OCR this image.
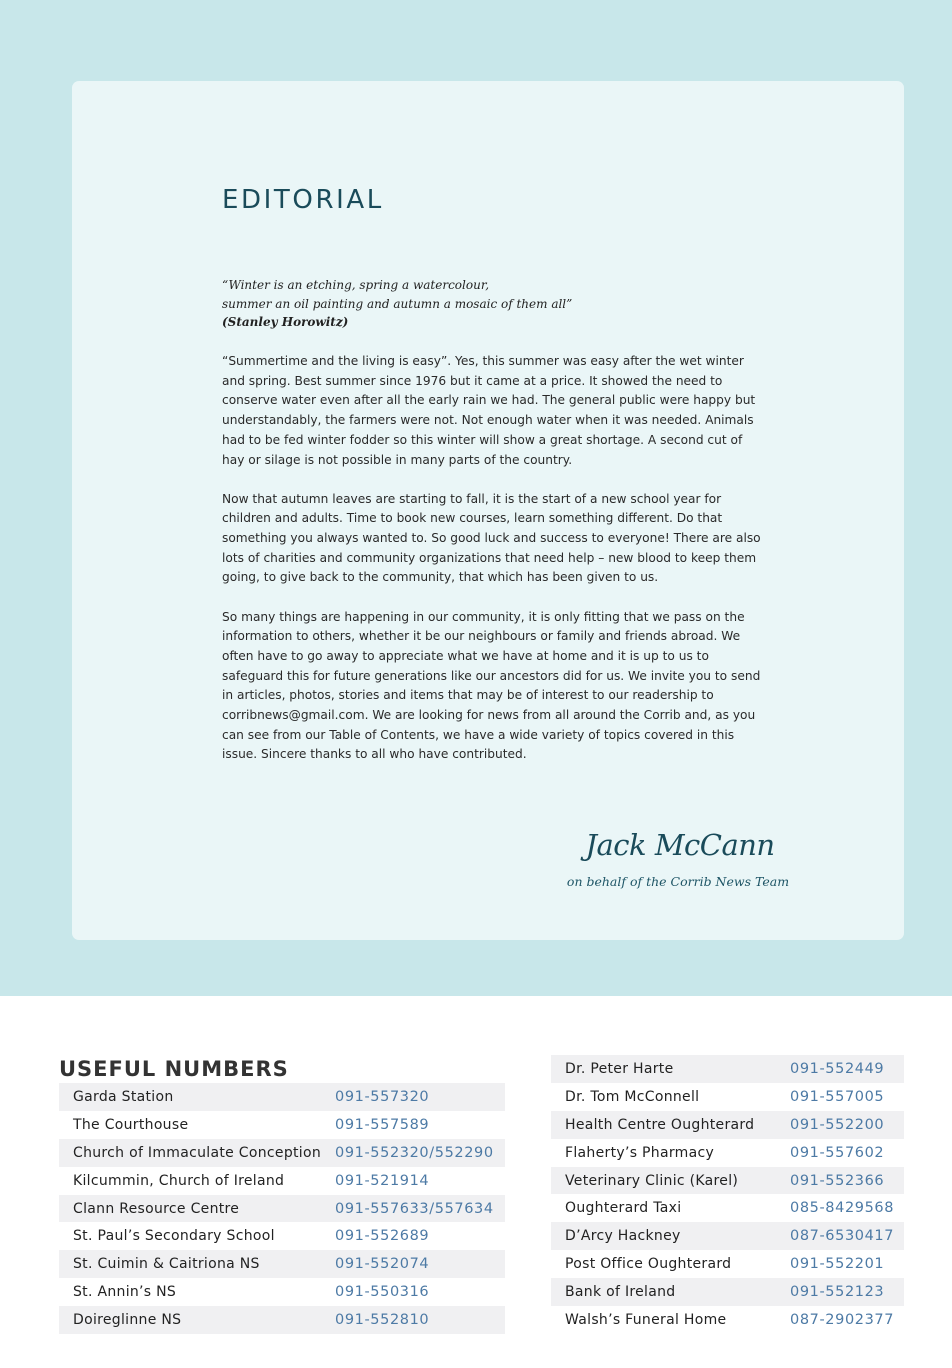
EDITORIAL
“Winter is an etching, spring a watercolour,
summer an oil painting and autumn a mosaic of them all”
(Stanley Horowitz)

“Summertime and the living is easy”. Yes, this summer was easy after the wet winter and spring. Best summer since 1976 but it came at a price. It showed the need to conserve water even after all the early rain we had. The general public were happy but understandably, the farmers were not. Not enough water when it was needed. Animals had to be fed winter fodder so this winter will show a great shortage. A second cut of hay or silage is not possible in many parts of the country.

Now that autumn leaves are starting to fall, it is the start of a new school year for children and adults. Time to book new courses, learn something different. Do that something you always wanted to. So good luck and success to everyone! There are also lots of charities and community organizations that need help – new blood to keep them going, to give back to the community, that which has been given to us.

So many things are happening in our community, it is only fitting that we pass on the information to others, whether it be our neighbours or family and friends abroad. We often have to go away to appreciate what we have at home and it is up to us to safeguard this for future generations like our ancestors did for us. We invite you to send in articles, photos, stories and items that may be of interest to our readership to corribnews@gmail.com. We are looking for news from all around the Corrib and, as you can see from our Table of Contents, we have a wide variety of topics covered in this issue. Sincere thanks to all who have contributed.

Jack McCann
on behalf of the Corrib News Team
USEFUL NUMBERS
Garda Station	091-557320
The Courthouse	091-557589
Church of Immaculate Conception 091-552320/552290
Kilcummin, Church of Ireland	091-521914
Clann Resource Centre	091-557633/557634
St. Paul’s Secondary School	091-552689
St. Cuimin & Caitriona NS	091-552074
St. Annin’s NS	091-550316
Doireglinne NS	091-552810
Dr. Peter Harte	091-552449
Dr. Tom McConnell	091-557005
Health Centre Oughterard 091-552200
Flaherty’s Pharmacy	091-557602
Veterinary Clinic (Karel)	091-552366
Oughterard Taxi	085-8429568
D’Arcy Hackney	087-6530417
Post Office Oughterard	091-552201
Bank of Ireland	091-552123
Walsh’s Funeral Home	087-2902377
